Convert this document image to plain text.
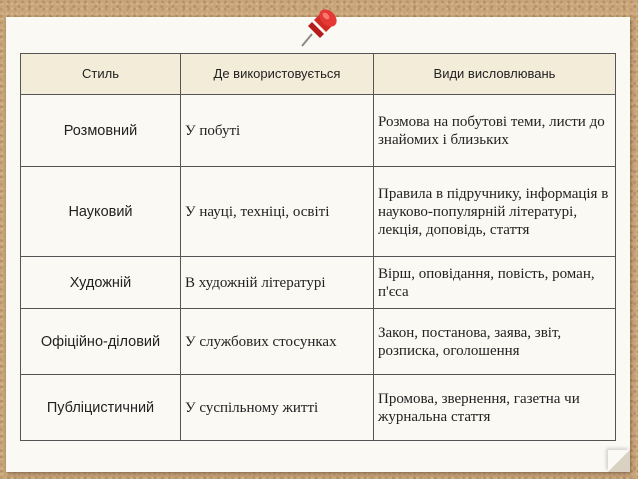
Стиль	Де використовується	Види висловлювань
Розмовний	У побуті	Розмова на побутові теми, листи до знайомих і близьких
Науковий	У науці, техніці, освіті	Правила в підручнику, інформація в науково-популярній літературі, лекція, доповідь, стаття
Художній	В художній літературі	Вірш, оповідання, повість, роман, п'єса
Офіційно-діловий	У службових стосунках	Закон, постанова, заява, звіт, розписка, оголошення
Публіцистичний	У суспільному житті	Промова, звернення, газетна чи журнальна стаття
